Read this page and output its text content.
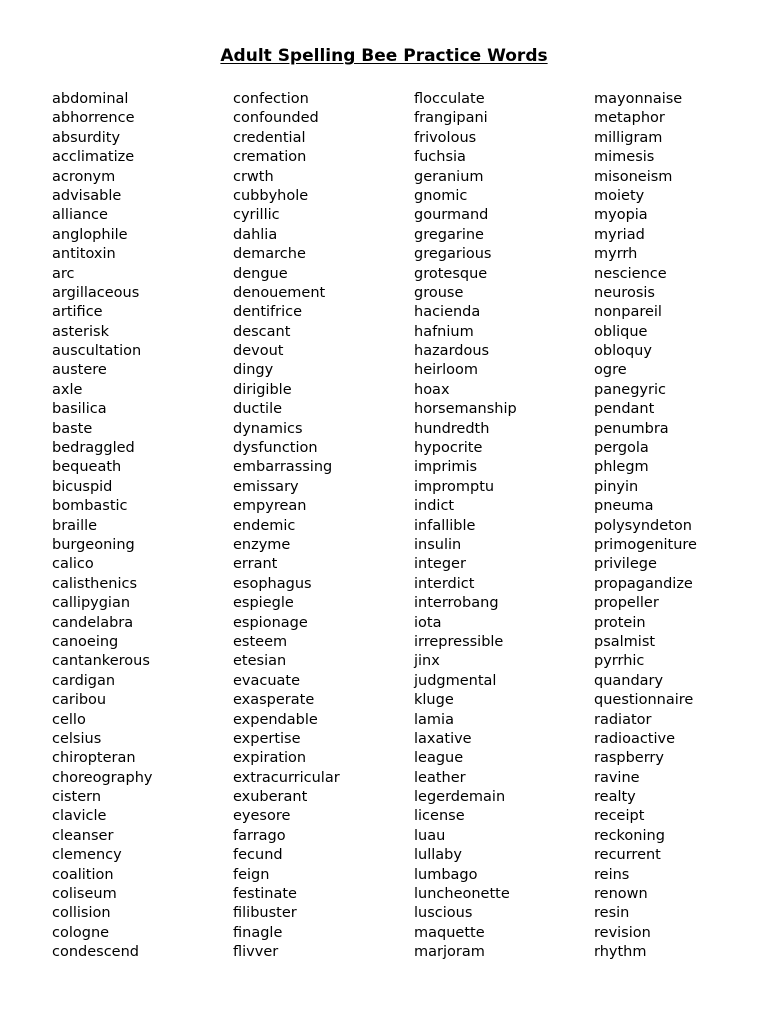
Adult Spelling Bee Practice Words
abdominal
abhorrence
absurdity
acclimatize
acronym
advisable
alliance
anglophile
antitoxin
arc
argillaceous
artifice
asterisk
auscultation
austere
axle
basilica
baste
bedraggled
bequeath
bicuspid
bombastic
braille
burgeoning
calico
calisthenics
callipygian
candelabra
canoeing
cantankerous
cardigan
caribou
cello
celsius
chiropteran
choreography
cistern
clavicle
cleanser
clemency
coalition
coliseum
collision
cologne
condescend
confection
confounded
credential
cremation
crwth
cubbyhole
cyrillic
dahlia
demarche
dengue
denouement
dentifrice
descant
devout
dingy
dirigible
ductile
dynamics
dysfunction
embarrassing
emissary
empyrean
endemic
enzyme
errant
esophagus
espiegle
espionage
esteem
etesian
evacuate
exasperate
expendable
expertise
expiration
extracurricular
exuberant
eyesore
farrago
fecund
feign
festinate
filibuster
finagle
flivver
flocculate
frangipani
frivolous
fuchsia
geranium
gnomic
gourmand
gregarine
gregarious
grotesque
grouse
hacienda
hafnium
hazardous
heirloom
hoax
horsemanship
hundredth
hypocrite
imprimis
impromptu
indict
infallible
insulin
integer
interdict
interrobang
iota
irrepressible
jinx
judgmental
kluge
lamia
laxative
league
leather
legerdemain
license
luau
lullaby
lumbago
luncheonette
luscious
maquette
marjoram
mayonnaise
metaphor
milligram
mimesis
misoneism
moiety
myopia
myriad
myrrh
nescience
neurosis
nonpareil
oblique
obloquy
ogre
panegyric
pendant
penumbra
pergola
phlegm
pinyin
pneuma
polysyndeton
primogeniture
privilege
propagandize
propeller
protein
psalmist
pyrrhic
quandary
questionnaire
radiator
radioactive
raspberry
ravine
realty
receipt
reckoning
recurrent
reins
renown
resin
revision
rhythm
